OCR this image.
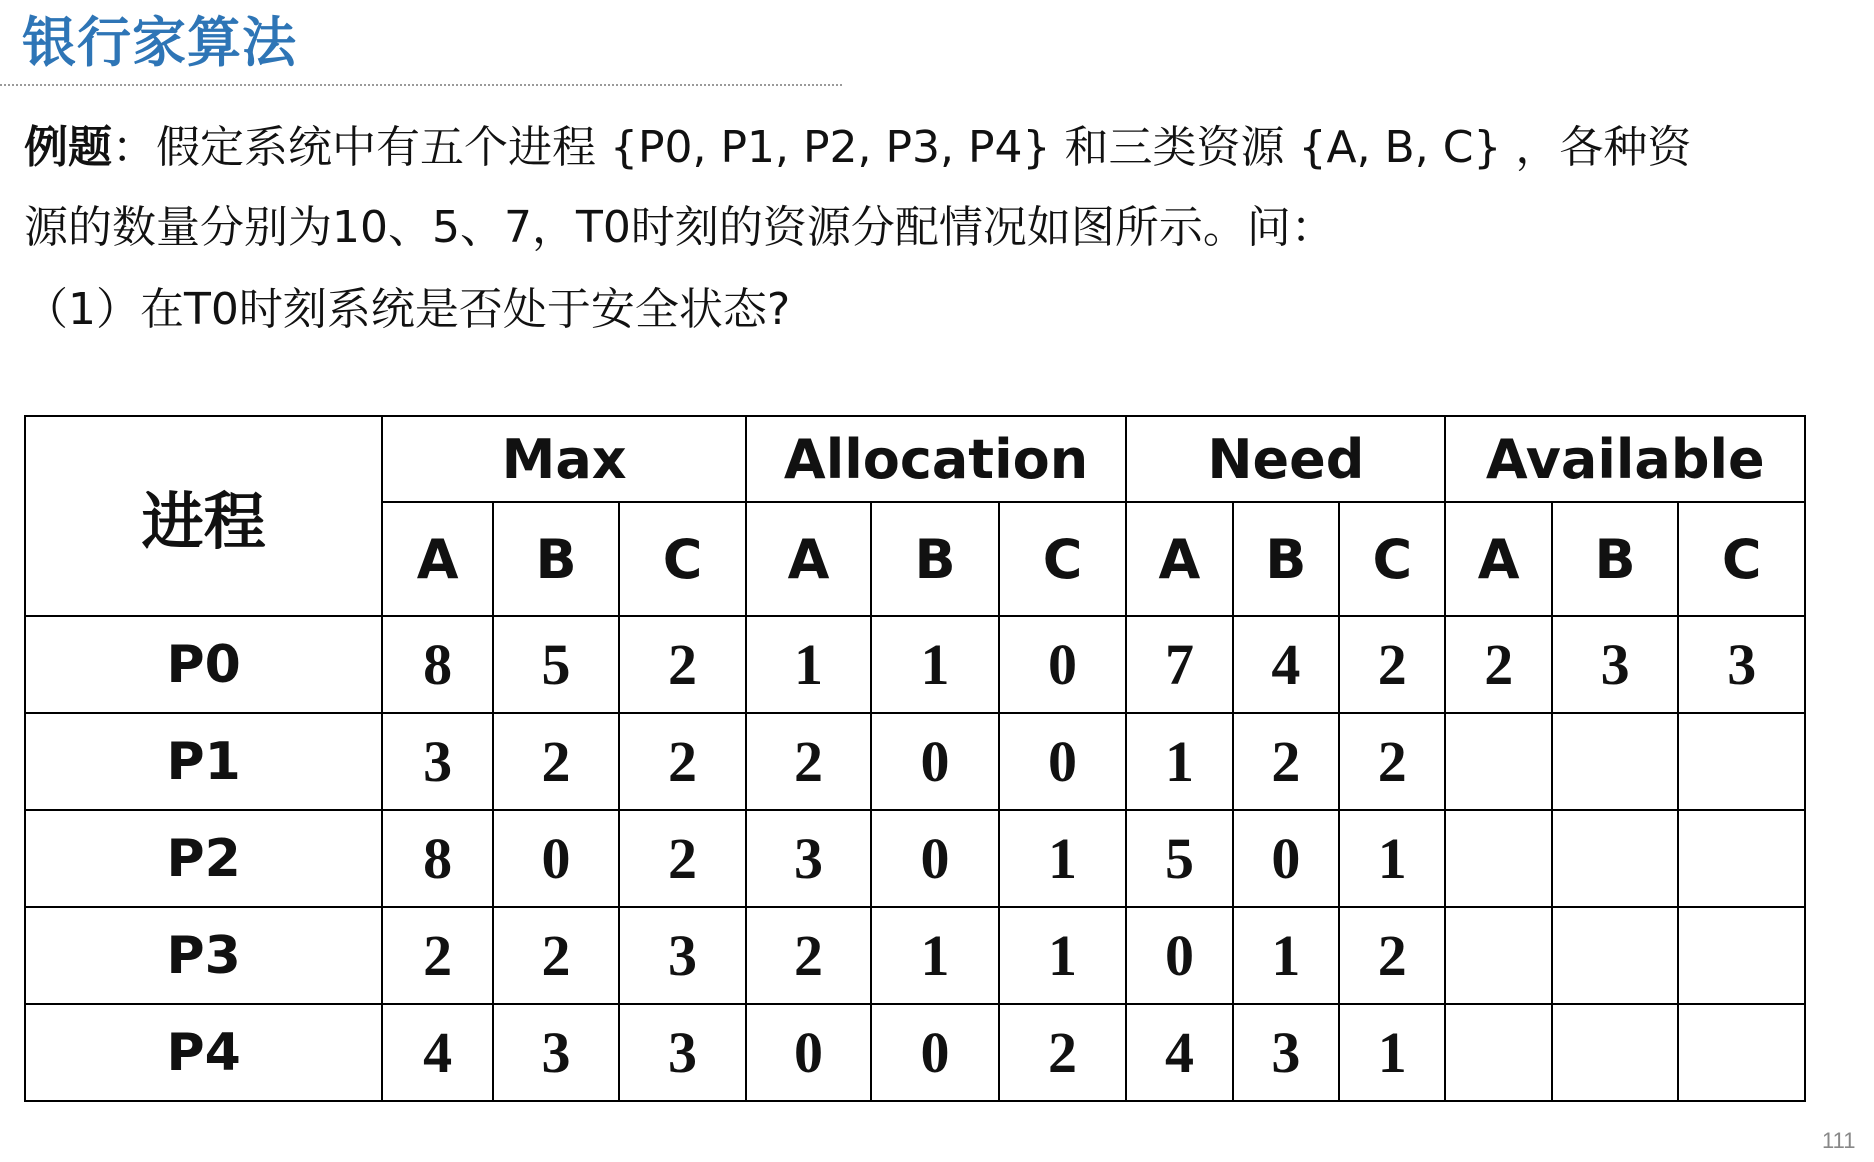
银行家算法
例题：假定系统中有五个进程 {P0, P1, P2, P3, P4} 和三类资源 {A, B, C} ，各种资
源的数量分别为10、5、7，T0时刻的资源分配情况如图所示。问：
（1）在T0时刻系统是否处于安全状态?
进程	Max			Allocation			Need			Available		
	A	B	C	A	B	C	A	B	C	A	B	C
P0	8	5	2	1	1	0	7	4	2	2	3	3
P1	3	2	2	2	0	0	1	2	2			
P2	8	0	2	3	0	1	5	0	1			
P3	2	2	3	2	1	1	0	1	2			
P4	4	3	3	0	0	2	4	3	1			
111
